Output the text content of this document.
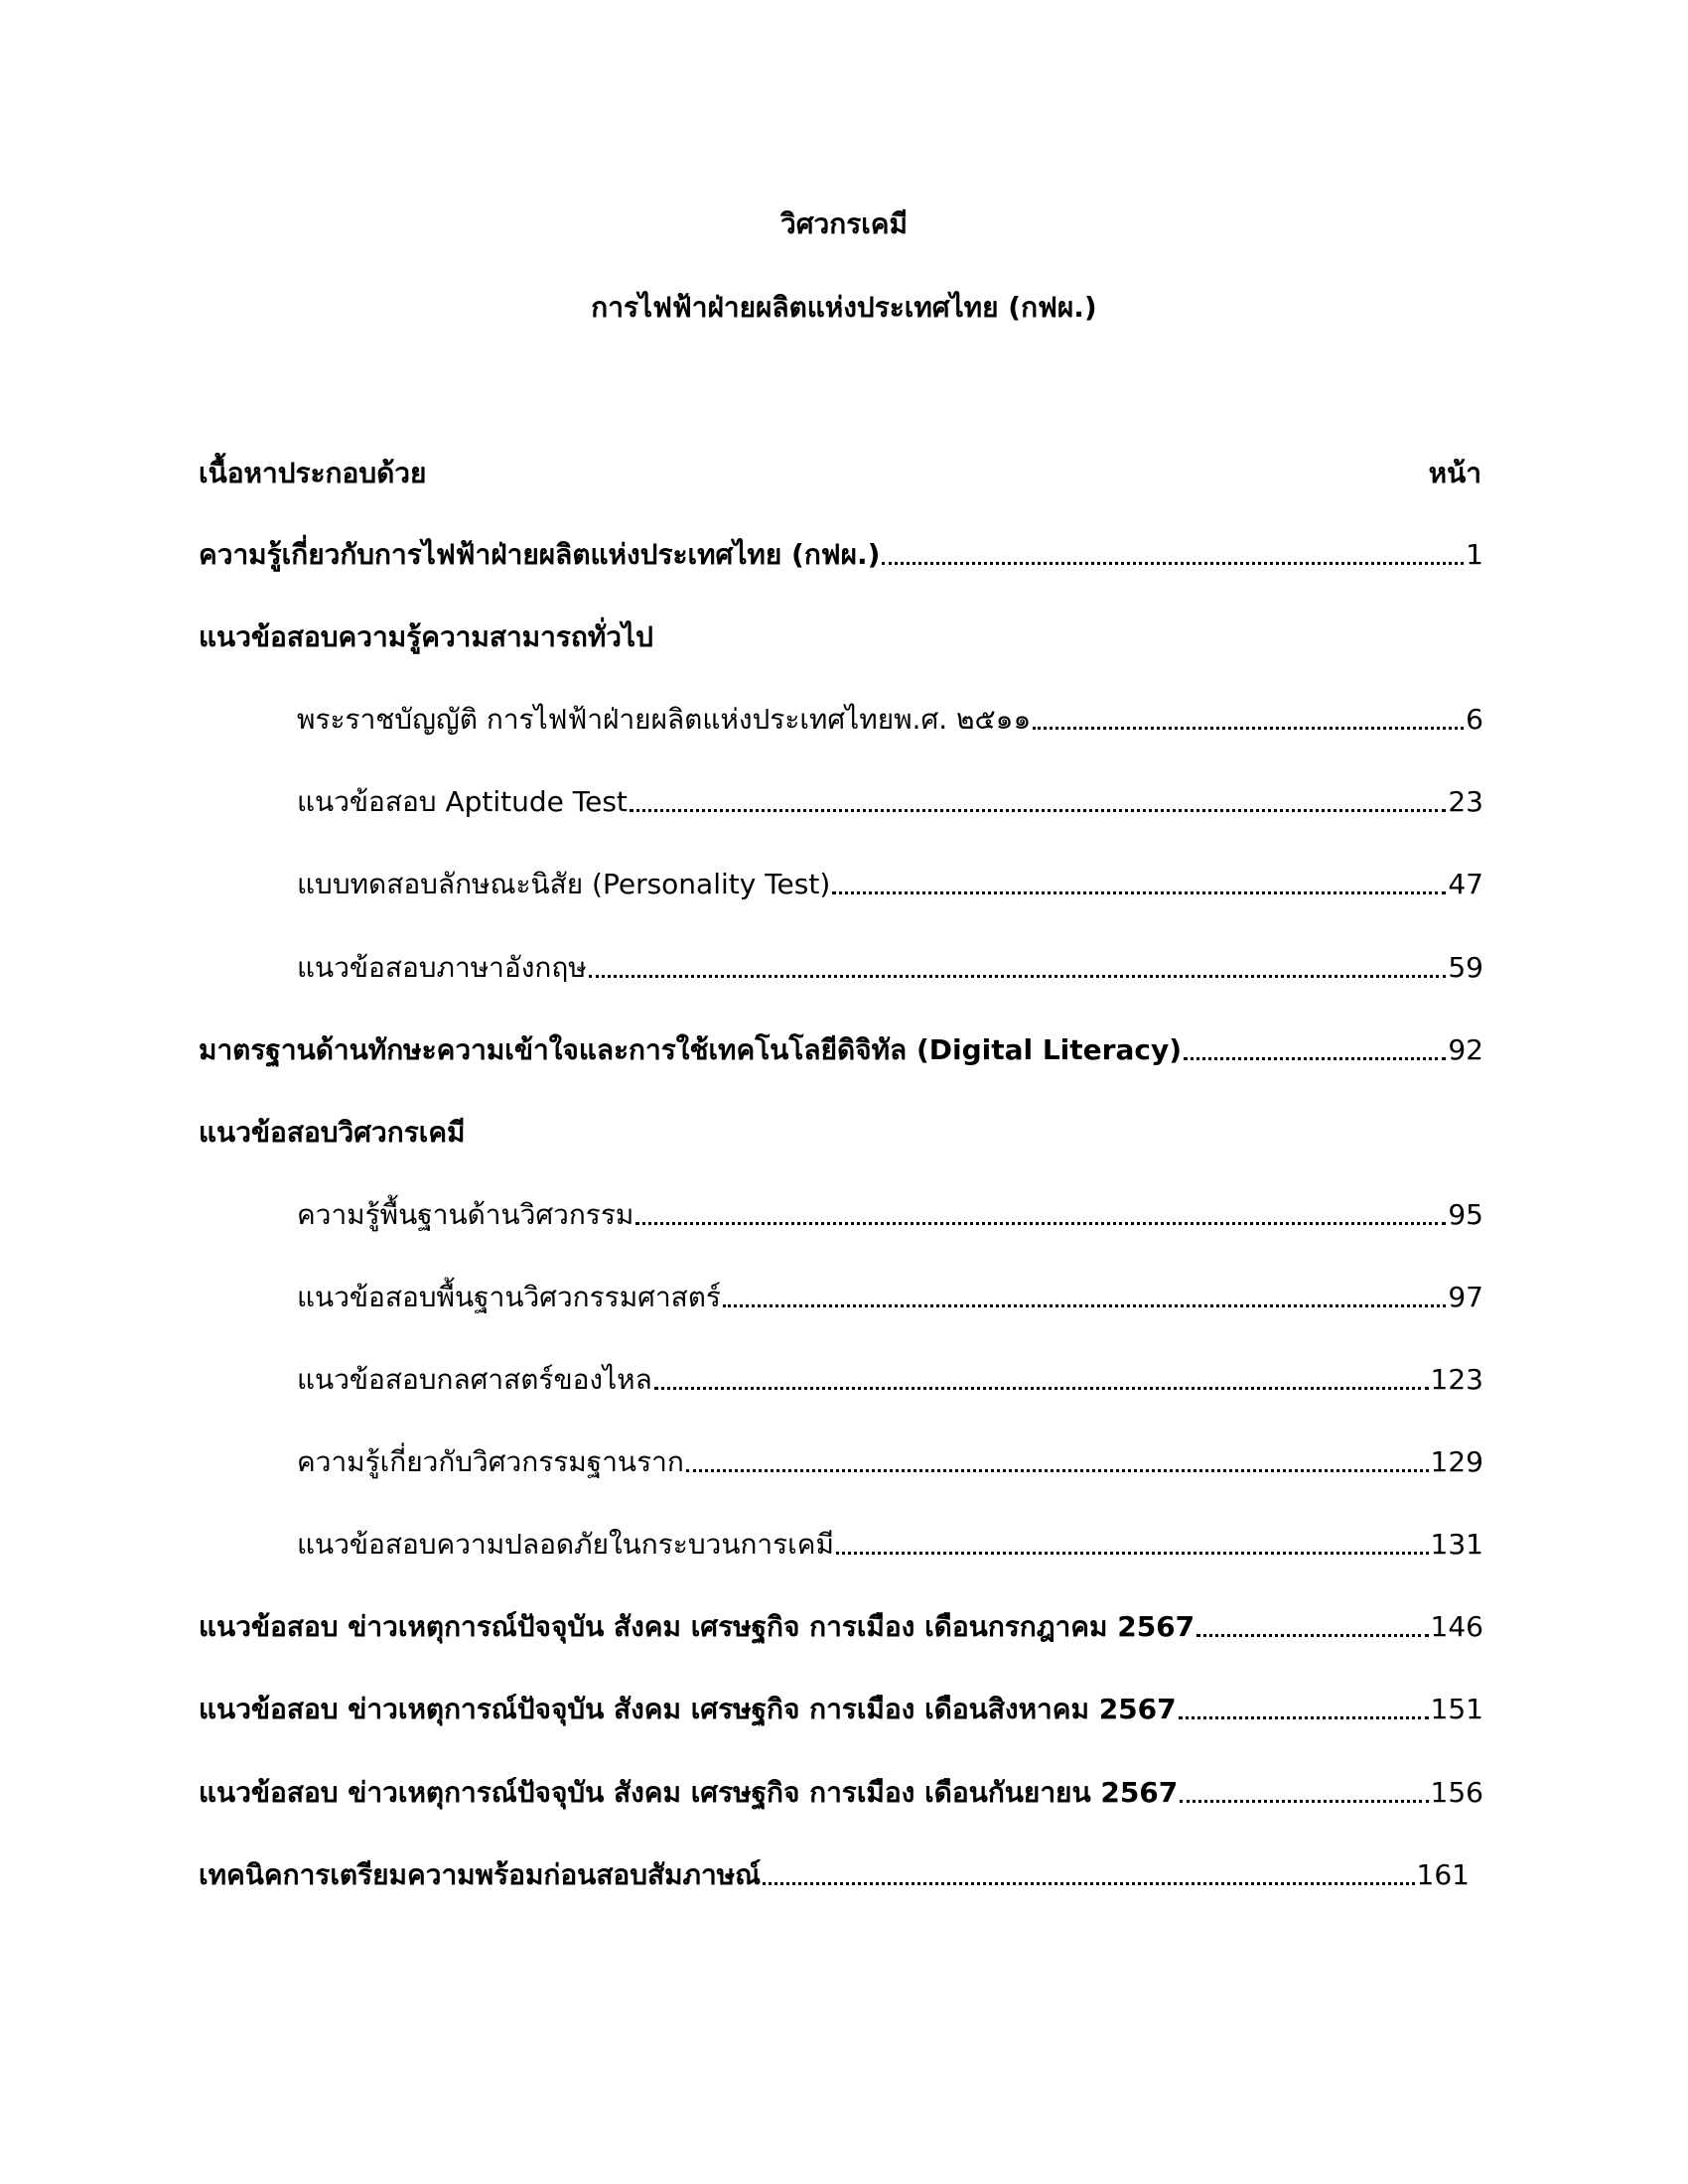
วิศวกรเคมี
การไฟฟ้าฝ่ายผลิตแห่งประเทศไทย (กฟผ.)
เนื้อหาประกอบด้วย	หน้า
ความรู้เกี่ยวกับการไฟฟ้าฝ่ายผลิตแห่งประเทศไทย (กฟผ.)	1
แนวข้อสอบความรู้ความสามารถทั่วไป
พระราชบัญญัติ การไฟฟ้าฝ่ายผลิตแห่งประเทศไทยพ.ศ. ๒๕๑๑	6
แนวข้อสอบ Aptitude Test	23
แบบทดสอบลักษณะนิสัย (Personality Test)	47
แนวข้อสอบภาษาอังกฤษ	59
มาตรฐานด้านทักษะความเข้าใจและการใช้เทคโนโลยีดิจิทัล (Digital Literacy)	92
แนวข้อสอบวิศวกรเคมี
ความรู้พื้นฐานด้านวิศวกรรม	95
แนวข้อสอบพื้นฐานวิศวกรรมศาสตร์	97
แนวข้อสอบกลศาสตร์ของไหล	123
ความรู้เกี่ยวกับวิศวกรรมฐานราก	129
แนวข้อสอบความปลอดภัยในกระบวนการเคมี	131
แนวข้อสอบ ข่าวเหตุการณ์ปัจจุบัน สังคม เศรษฐกิจ การเมือง เดือนกรกฎาคม 2567	146
แนวข้อสอบ ข่าวเหตุการณ์ปัจจุบัน สังคม เศรษฐกิจ การเมือง เดือนสิงหาคม 2567	151
แนวข้อสอบ ข่าวเหตุการณ์ปัจจุบัน สังคม เศรษฐกิจ การเมือง เดือนกันยายน 2567	156
เทคนิคการเตรียมความพร้อมก่อนสอบสัมภาษณ์	161
